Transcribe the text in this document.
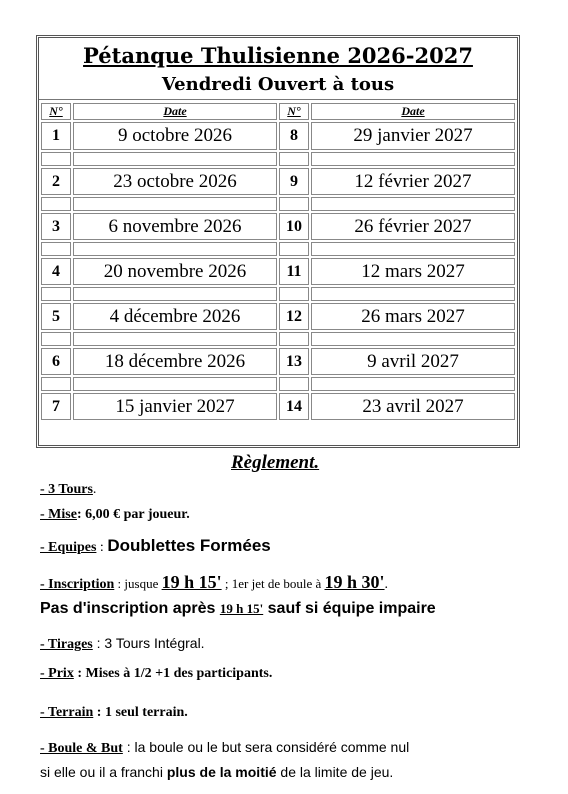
Pétanque Thulisienne 2026-2027
Vendredi Ouvert à tous
N°	Date	N°	Date
1	9 octobre 2026	8	29 janvier 2027

2	23 octobre 2026	9	12 février 2027

3	6 novembre 2026	10	26 février 2027

4	20 novembre 2026	11	12 mars 2027

5	4 décembre 2026	12	26 mars 2027

6	18 décembre 2026	13	9 avril 2027

7	15 janvier 2027	14	23 avril 2027
Règlement.
- 3 Tours.
- Mise: 6,00 € par joueur.
- Equipes : Doublettes Formées
- Inscription : jusque 19 h 15' ; 1er jet de boule à 19 h 30'.
Pas d'inscription après 19 h 15' sauf si équipe impaire
- Tirages : 3 Tours Intégral.
- Prix : Mises à 1/2 +1 des participants.
- Terrain : 1 seul terrain.
- Boule & But : la boule ou le but sera considéré comme nul
si elle ou il a franchi plus de la moitié de la limite de jeu.
